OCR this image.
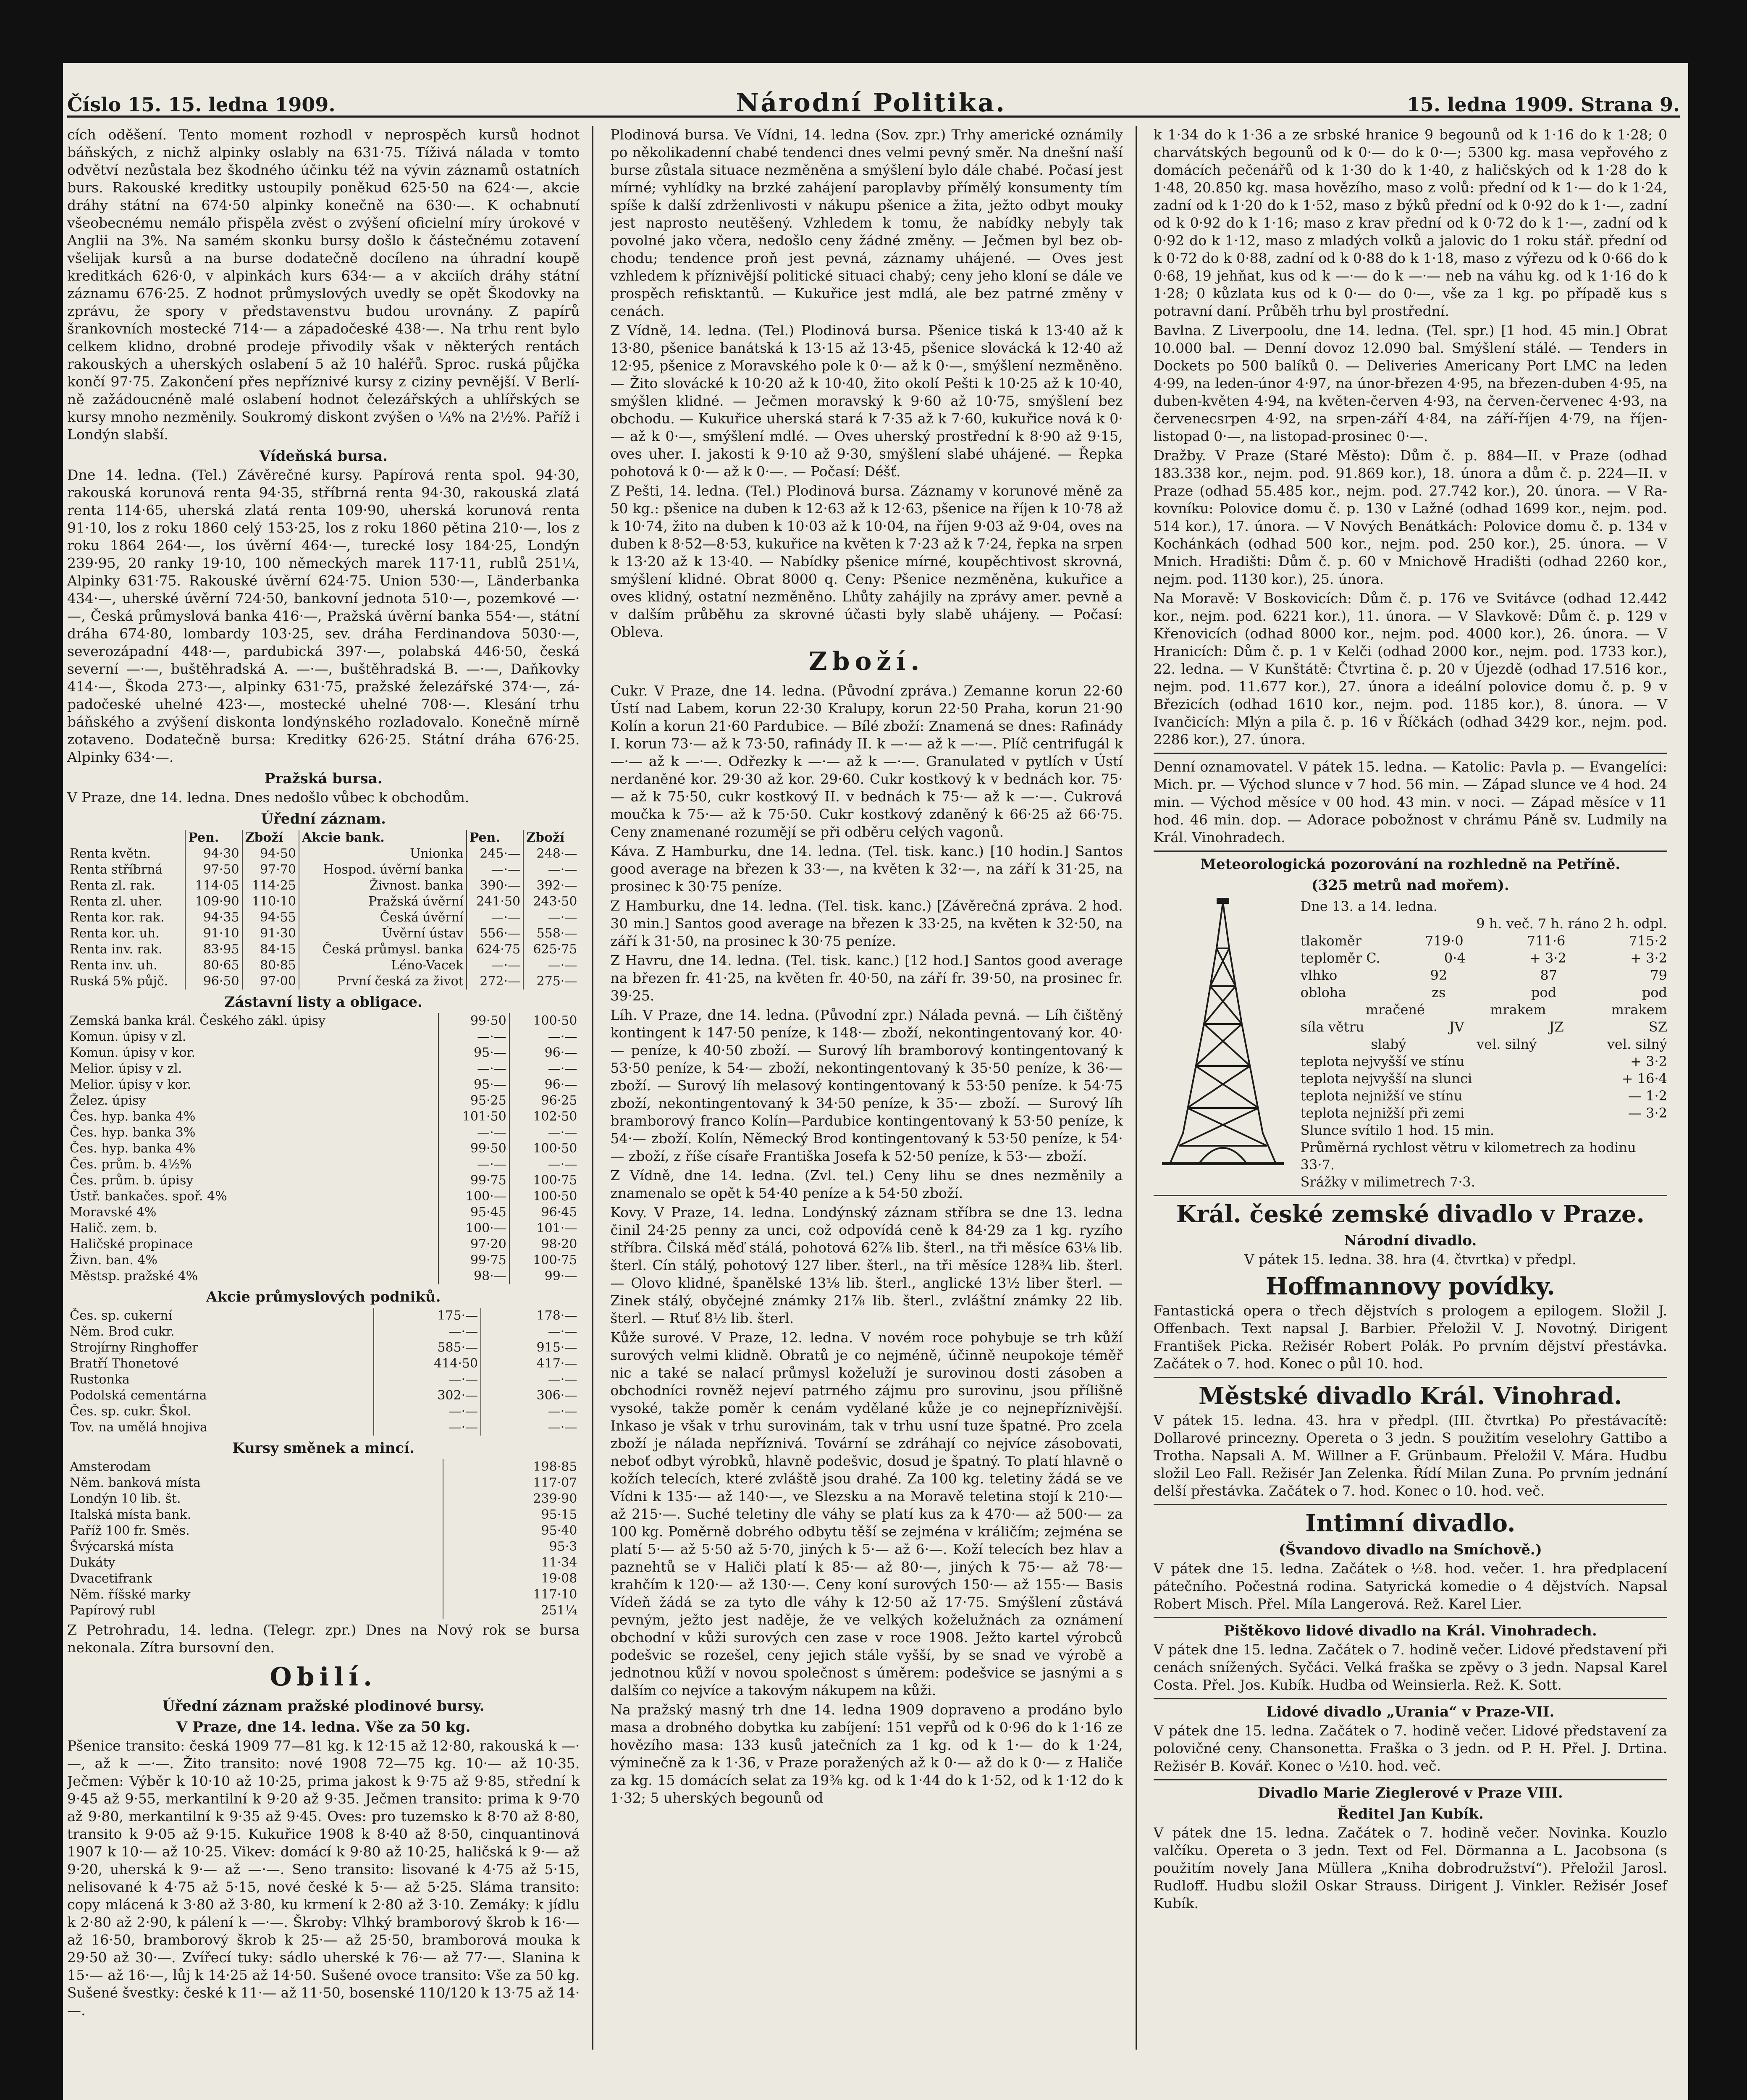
Číslo 15. 15. ledna 1909.	Národní Politika.	15. ledna 1909. Strana 9.

cích oděšení. Tento moment rozhodl v neprospěch kursů hodnot báňských, z nichž alpinky oslably na 631·75. Tíživá nálada v tomto odvětví nezůstala bez škodného účinku též na vývin záznamů ostatních burs. Rakouské kreditky ustoupily poněkud 625·50 na 624·—, akcie dráhy státní na 674·50 alpinky konečně na 630·—. K ochabnutí všeobecnému nemálo přispěla zvěst o zvýšení oficielní míry úrokové v Anglii na 3%. Na samém skonku bursy došlo k částečnému zotavení všelijak kursů a na burse dodatečně docíleno na úhradní koupě kreditkách 626·0, v alpinkách kurs 634·— a v akciích dráhy státní záznamu 676·25. Z hodnot průmyslových uvedly se opět Škodovky na zprávu, že spory v představenstvu budou urovnány. Z papírů šrankovních mostecké 714·— a západočeské 438·—. Na trhu rent bylo celkem klidno, drobné prodeje přivodily však v některých rentách rakouských a uherských oslabení 5 až 10 haléřů. Sproc. ruská půjčka končí 97·75. Zakončení přes nepříznivé kursy z ciziny pevnější. V Berlíně zažádoucnéně malé oslabení hodnot čelezářských a uhlířských se kursy mnoho nezměnily. Soukromý diskont zvýšen o ¼% na 2½%. Paříž i Londýn slabší.

Vídeňská bursa.

Dne 14. ledna. (Tel.) Závěrečné kursy. Papírová renta spol. 94·30, rakouská korunová renta 94·35, stříbrná renta 94·30, rakouská zlatá renta 114·65, uherská zlatá renta 109·90, uherská korunová renta 91·10, los z roku 1860 celý 153·25, los z roku 1860 pětina 210·—, los z roku 1864 264·—, los úvěrní 464·—, turecké losy 184·25, Londýn 239·95, 20 ranky 19·10, 100 německých marek 117·11, rublů 251¼, Alpinky 631·75. Rakouské úvěrní 624·75. Union 530·—, Länderbanka 434·—, uherské úvěrní 724·50, bankovní jednota 510·—, pozemkové —·—, Česká průmyslová banka 416·—, Pražská úvěrní banka 554·—, státní dráha 674·80, lombardy 103·25, sev. dráha Ferdinandova 5030·—, severozápadní 448·—, pardubická 397·—, polabská 446·50, česká severní —·—, buštěhradská A. —·—, buštěhradská B. —·—, Daňkovky 414·—, Škoda 273·—, alpinky 631·75, pražské železářské 374·—, západočeské uhelné 423·—, mostecké uhelné 708·—. Klesání trhu báňského a zvýšení diskonta londýnského rozladovalo. Konečně mírně zotaveno. Dodatečně bursa: Kreditky 626·25. Státní dráha 676·25. Alpinky 634·—.

Pražská bursa.

V Praze, dne 14. ledna. Dnes nedošlo vůbec k obchodům.

Úřední záznam.
	Pen.	Zboží	Akcie bank.	Pen.	Zboží
Renta květn.	94·30	94·50	Unionka	245·—	248·—
Renta stříbrná	97·50	97·70	Hospod. úvěrní banka	—·—	—·—
Renta zl. rak.	114·05	114·25	Živnost. banka	390·—	392·—
Renta zl. uher.	109·90	110·10	Pražská úvěrní	241·50	243·50
Renta kor. rak.	94·35	94·55	Česká úvěrní	—·—	—·—
Renta kor. uh.	91·10	91·30	Úvěrní ústav	556·—	558·—
Renta inv. rak.	83·95	84·15	Česká průmysl. banka	624·75	625·75
Renta inv. uh.	80·65	80·85	Léno-Vacek	—·—	—·—
Ruská 5% půjč.	96·50	97·00	První česká za život	272·—	275·—
Zástavní listy a obligace.
Zemská banka král. Českého zákl. úpisy	99·50	100·50
Komun. úpisy v zl.	—·—	—·—
Komun. úpisy v kor.	95·—	96·—
Melior. úpisy v zl.	—·—	—·—
Melior. úpisy v kor.	95·—	96·—
Želez. úpisy	95·25	96·25
Čes. hyp. banka 4%	101·50	102·50
Čes. hyp. banka 3%	—·—	—·—
Čes. hyp. banka 4%	99·50	100·50
Čes. prům. b. 4½%	—·—	—·—
Čes. prům. b. úpisy	99·75	100·75
Ústř. bankačes. spoř. 4%	100·—	100·50
Moravské 4%	95·45	96·45
Halič. zem. b.	100·—	101·—
Haličské propinace	97·20	98·20
Živn. ban. 4%	99·75	100·75
Městsp. pražské 4%	98·—	99·—
Akcie průmyslových podniků.
Čes. sp. cukerní	175·—	178·—
Něm. Brod cukr.	—·—	—·—
Strojírny Ringhoffer	585·—	915·—
Bratří Thonetové	414·50	417·—
Rustonka	—·—	—·—
Podolská cementárna	302·—	306·—
Čes. sp. cukr. Škol.	—·—	—·—
Tov. na umělá hnojiva	—·—	—·—
Kursy směnek a mincí.
Amsterodam	198·85
Něm. banková místa	117·07
Londýn 10 lib. št.	239·90
Italská místa bank.	95·15
Paříž 100 fr. Směs.	95·40
Švýcarská místa	95·3
Dukáty	11·34
Dvacetifrank	19·08
Něm. říšské marky	117·10
Papírový rubl	251¼

Z Petrohradu, 14. ledna. (Telegr. zpr.) Dnes na Nový rok se bursa nekonala. Zítra bursovní den.

Obilí.
Úřední záznam pražské plodinové bursy.
V Praze, dne 14. ledna. Vše za 50 kg.

Pšenice transito: česká 1909 77—81 kg. k 12·15 až 12·80, rakouská k —·—, až k —·—. Žito transito: nové 1908 72—75 kg. 10·— až 10·35. Ječmen: Výběr k 10·10 až 10·25, prima jakost k 9·75 až 9·85, střední k 9·45 až 9·55, merkantilní k 9·20 až 9·35. Ječmen transito: prima k 9·70 až 9·80, merkantilní k 9·35 až 9·45. Oves: pro tuzemsko k 8·70 až 8·80, transito k 9·05 až 9·15. Kukuřice 1908 k 8·40 až 8·50, cinquantinová 1907 k 10·— až 10·25. Vikev: domácí k 9·80 až 10·25, haličská k 9·— až 9·20, uherská k 9·— až —·—. Seno transito: lisované k 4·75 až 5·15, nelisované k 4·75 až 5·15, nové české k 5·— až 5·25. Sláma transito: copy mlácená k 3·80 až 3·80, ku krmení k 2·80 až 3·10. Zemáky: k jídlu k 2·80 až 2·90, k pálení k —·—. Škroby: Vlhký bramborový škrob k 16·— až 16·50, bramborový škrob k 25·— až 25·50, bramborová mouka k 29·50 až 30·—. Zvířecí tuky: sádlo uherské k 76·— až 77·—. Slanina k 15·— až 16·—, lůj k 14·25 až 14·50. Sušené ovoce transito: Vše za 50 kg. Sušené švestky: české k 11·— až 11·50, bosenské 110/120 k 13·75 až 14·—.

Plodinová bursa. Ve Vídni, 14. ledna (Sov. zpr.) Trhy americké oznámily po několikadenní chabé tendenci dnes velmi pevný směr. Na dnešní naší burse zůstala situace nezměněna a smýšlení bylo dále chabé. Počasí jest mírné; vyhlídky na brzké zahájení paroplavby přímělý konsumenty tím spíše k další zdrženlivosti v nákupu pšenice a žita, ježto odbyt mouky jest naprosto neutěšený. Vzhledem k tomu, že nabídky nebyly tak povolné jako včera, nedošlo ceny žádné změny. — Ječmen byl bez obchodu; tendence proň jest pevná, záznamy uhájené. — Oves jest vzhledem k příznivější politické situaci chabý; ceny jeho kloní se dále ve prospěch refisktantů. — Kukuřice jest mdlá, ale bez patrné změny v cenách.

Z Vídně, 14. ledna. (Tel.) Plodinová bursa. Pšenice tiská k 13·40 až k 13·80, pšenice banátská k 13·15 až 13·45, pšenice slovácká k 12·40 až 12·95, pšenice z Moravského pole k 0·— až k 0·—, smýšlení nezměněno. — Žito slovácké k 10·20 až k 10·40, žito okolí Pešti k 10·25 až k 10·40, smýšlen klidné. — Ječmen moravský k 9·60 až 10·75, smýšlení bez obchodu. — Kukuřice uherská stará k 7·35 až k 7·60, kukuřice nová k 0·— až k 0·—, smýšlení mdlé. — Oves uherský prostřední k 8·90 až 9·15, oves uher. I. jakosti k 9·10 až 9·30, smýšlení slabé uhájené. — Řepka pohotová k 0·— až k 0·—. — Počasí: Déšť.

Z Pešti, 14. ledna. (Tel.) Plodinová bursa. Záznamy v korunové měně za 50 kg.: pšenice na duben k 12·63 až k 12·63, pšenice na říjen k 10·78 až k 10·74, žito na duben k 10·03 až k 10·04, na říjen 9·03 až 9·04, oves na duben k 8·52—8·53, kukuřice na květen k 7·23 až k 7·24, řepka na srpen k 13·20 až k 13·40. — Nabídky pšenice mírné, koupěchtivost skrovná, smýšlení klidné. Obrat 8000 q. Ceny: Pšenice nezměněna, kukuřice a oves klidný, ostatní nezměněno. Lhůty zahájily na zprávy amer. pevně a v dalším průběhu za skrovné účasti byly slabě uhájeny. — Počasí: Obleva.

Zboží.

Cukr. V Praze, dne 14. ledna. (Původní zpráva.) Zemanne korun 22·60 Ústí nad Labem, korun 22·30 Kralupy, korun 22·50 Praha, korun 21·90 Kolín a korun 21·60 Pardubice. — Bílé zboží: Znamená se dnes: Rafinády I. korun 73·— až k 73·50, rafinády II. k —·— až k —·—. Plíč centrifugál k —·— až k —·—. Odřezky k —·— až k —·—. Granulated v pytlích v Ústí nerdaněné kor. 29·30 až kor. 29·60. Cukr kostkový k v bednách kor. 75·— až k 75·50, cukr kostkový II. v bednách k 75·— až k —·—. Cukrová moučka k 75·— až k 75·50. Cukr kostkový zdaněný k 66·25 až 66·75. Ceny znamenané rozumějí se při odběru celých vagonů.

Káva. Z Hamburku, dne 14. ledna. (Tel. tisk. kanc.) [10 hodin.] Santos good average na březen k 33·—, na květen k 32·—, na září k 31·25, na prosinec k 30·75 peníze.

Z Hamburku, dne 14. ledna. (Tel. tisk. kanc.) [Závěrečná zpráva. 2 hod. 30 min.] Santos good average na březen k 33·25, na květen k 32·50, na září k 31·50, na prosinec k 30·75 peníze.

Z Havru, dne 14. ledna. (Tel. tisk. kanc.) [12 hod.] Santos good average na březen fr. 41·25, na květen fr. 40·50, na září fr. 39·50, na prosinec fr. 39·25.

Líh. V Praze, dne 14. ledna. (Původní zpr.) Nálada pevná. — Líh čištěný kontingent k 147·50 peníze, k 148·— zboží, nekontingentovaný kor. 40·— peníze, k 40·50 zboží. — Surový líh bramborový kontingentovaný k 53·50 peníze, k 54·— zboží, nekontingentovaný k 35·50 peníze, k 36·— zboží. — Surový líh melasový kontingentovaný k 53·50 peníze. k 54·75 zboží, nekontingentovaný k 34·50 peníze, k 35·— zboží. — Surový líh bramborový franco Kolín—Pardubice kontingentovaný k 53·50 peníze, k 54·— zboží. Kolín, Německý Brod kontingentovaný k 53·50 peníze, k 54·— zboží, z říše císaře Františka Josefa k 52·50 peníze, k 53·— zboží.

Z Vídně, dne 14. ledna. (Zvl. tel.) Ceny lihu se dnes nezměnily a znamenalo se opět k 54·40 peníze a k 54·50 zboží.

Kovy. V Praze, 14. ledna. Londýnský záznam stříbra se dne 13. ledna činil 24·25 penny za unci, což odpovídá ceně k 84·29 za 1 kg. ryzího stříbra. Čilská měď stálá, pohotová 62⅞ lib. šterl., na tři měsíce 63⅛ lib. šterl. Cín stálý, pohotový 127 liber. šterl., na tři měsíce 128¾ lib. šterl. — Olovo klidné, španělské 13⅛ lib. šterl., anglické 13½ liber šterl. — Zinek stálý, obyčejné známky 21⅞ lib. šterl., zvláštní známky 22 lib. šterl. — Rtuť 8½ lib. šterl.

Kůže surové. V Praze, 12. ledna. V novém roce pohybuje se trh kůží surových velmi klidně. Obratů je co nejméně, účinně neupokoje téměř nic a také se nalací průmysl koželuží je surovinou dosti zásoben a obchodníci rovněž nejeví patrného zájmu pro surovinu, jsou přílišně vysoké, takže poměr k cenám vydělané kůže je co nejnepříznivější. Inkaso je však v trhu surovinám, tak v trhu usní tuze špatné. Pro zcela zboží je nálada nepříznivá. Tovární se zdráhají co nejvíce zásobovati, neboť odbyt výrobků, hlavně podešvic, dosud je špatný. To platí hlavně o kožích telecích, které zvláště jsou drahé. Za 100 kg. teletiny žádá se ve Vídni k 135·— až 140·—, ve Slezsku a na Moravě teletina stojí k 210·— až 215·—. Suché teletiny dle váhy se platí kus za k 470·— až 500·— za 100 kg. Poměrně dobrého odbytu těší se zejména v králičím; zejména se platí 5·— až 5·50 až 5·70, jiných k 5·— až 6·—. Koží telecích bez hlav a paznehtů se v Haliči platí k 85·— až 80·—, jiných k 75·— až 78·— krahčím k 120·— až 130·—. Ceny koní surových 150·— až 155·— Basis Vídeň žádá se za tyto dle váhy k 12·50 až 17·75. Smýšlení zůstává pevným, ježto jest naděje, že ve velkých koželužnách za oznámení obchodní v kůži surových cen zase v roce 1908. Ježto kartel výrobců podešvic se rozešel, ceny jejich stále vyšší, by se snad ve výrobě a jednotnou kůží v novou společnost s úměrem: podešvice se jasnými a s dalším co nejvíce a takovým nákupem na kůži.

Na pražský masný trh dne 14. ledna 1909 dopraveno a prodáno bylo masa a drobného dobytka ku zabíjení: 151 vepřů od k 0·96 do k 1·16 ze hovězího masa: 133 kusů jatečních za 1 kg. od k 1·— do k 1·24, výminečně za k 1·36, v Praze poražených až k 0·— až do k 0·— z Haliče za kg. 15 domácích selat za 19⅜ kg. od k 1·44 do k 1·52, od k 1·12 do k 1·32; 5 uherských begounů od

k 1·34 do k 1·36 a ze srbské hranice 9 begounů od k 1·16 do k 1·28; 0 charvátských begounů od k 0·— do k 0·—; 5300 kg. masa vepřového z domácích pečenářů od k 1·30 do k 1·40, z haličských od k 1·28 do k 1·48, 20.850 kg. masa hovězího, maso z volů: přední od k 1·— do k 1·24, zadní od k 1·20 do k 1·52, maso z býků přední od k 0·92 do k 1·—, zadní od k 0·92 do k 1·16; maso z krav přední od k 0·72 do k 1·—, zadní od k 0·92 do k 1·12, maso z mladých volků a jalovic do 1 roku stář. přední od k 0·72 do k 0·88, zadní od k 0·88 do k 1·18, maso z výřezu od k 0·66 do k 0·68, 19 jehňat, kus od k —·— do k —·— neb na váhu kg. od k 1·16 do k 1·28; 0 kůzlata kus od k 0·— do 0·—, vše za 1 kg. po případě kus s potravní daní. Průběh trhu byl prostřední.

Bavlna. Z Liverpoolu, dne 14. ledna. (Tel. spr.) [1 hod. 45 min.] Obrat 10.000 bal. — Denní dovoz 12.090 bal. Smýšlení stálé. — Tenders in Dockets po 500 balíků 0. — Deliveries Americany Port LMC na leden 4·99, na leden-únor 4·97, na únor-březen 4·95, na březen-duben 4·95, na duben-květen 4·94, na květen-červen 4·93, na červen-červenec 4·93, na červenecsrpen 4·92, na srpen-září 4·84, na září-říjen 4·79, na říjen-listopad 0·—, na listopad-prosinec 0·—.

Dražby. V Praze (Staré Město): Dům č. p. 884—II. v Praze (odhad 183.338 kor., nejm. pod. 91.869 kor.), 18. února a dům č. p. 224—II. v Praze (odhad 55.485 kor., nejm. pod. 27.742 kor.), 20. února. — V Rakovníku: Polovice domu č. p. 130 v Lažné (odhad 1699 kor., nejm. pod. 514 kor.), 17. února. — V Nových Benátkách: Polovice domu č. p. 134 v Kochánkách (odhad 500 kor., nejm. pod. 250 kor.), 25. února. — V Mnich. Hradišti: Dům č. p. 60 v Mnichově Hradišti (odhad 2260 kor., nejm. pod. 1130 kor.), 25. února.

Na Moravě: V Boskovicích: Dům č. p. 176 ve Svitávce (odhad 12.442 kor., nejm. pod. 6221 kor.), 11. února. — V Slavkově: Dům č. p. 129 v Křenovicích (odhad 8000 kor., nejm. pod. 4000 kor.), 26. února. — V Hranicích: Dům č. p. 1 v Kelči (odhad 2000 kor., nejm. pod. 1733 kor.), 22. ledna. — V Kunštátě: Čtvrtina č. p. 20 v Újezdě (odhad 17.516 kor., nejm. pod. 11.677 kor.), 27. února a ideální polovice domu č. p. 9 v Březicích (odhad 1610 kor., nejm. pod. 1185 kor.), 8. února. — V Ivančicích: Mlýn a pila č. p. 16 v Říčkách (odhad 3429 kor., nejm. pod. 2286 kor.), 27. února.

Denní oznamovatel. V pátek 15. ledna. — Katolic: Pavla p. — Evangelíci: Mich. pr. — Východ slunce v 7 hod. 56 min. — Západ slunce ve 4 hod. 24 min. — Východ měsíce v 00 hod. 43 min. v noci. — Západ měsíce v 11 hod. 46 min. dop. — Adorace pobožnost v chrámu Páně sv. Ludmily na Král. Vinohradech.

Meteorologická pozorování na rozhledně na Petříně.
(325 metrů nad mořem).
Dne 13. a 14. ledna.
9 h. več. 7 h. ráno 2 h. odpl.
tlakoměr	719·0	711·6	715·2
teploměr C.	0·4	+ 3·2	+ 3·2
vlhko	92	87	79
obloha	zs	pod	pod
mračené	mrakem	mrakem
síla větru	JV	JZ	SZ
slabý	vel. silný	vel. silný
teplota nejvyšší ve stínu	+ 3·2
teplota nejvyšší na slunci	+ 16·4
teplota nejnižší ve stínu	— 1·2
teplota nejnižší při zemi	— 3·2
Slunce svítilo 1 hod. 15 min.
Průměrná rychlost větru v kilometrech za hodinu 33·7.
Srážky v milimetrech 7·3.
Král. české zemské divadlo v Praze.
Národní divadlo.

V pátek 15. ledna. 38. hra (4. čtvrtka) v předpl.

Hoffmannovy povídky.

Fantastická opera o třech dějstvích s prologem a epilogem. Složil J. Offenbach. Text napsal J. Barbier. Přeložil V. J. Novotný. Dirigent František Picka. Režisér Robert Polák. Po prvním dějství přestávka. Začátek o 7. hod. Konec o půl 10. hod.

Městské divadlo Král. Vinohrad.

V pátek 15. ledna. 43. hra v předpl. (III. čtvrtka) Po přestávacítě: Dollarové princezny. Opereta o 3 jedn. S použitím veselohry Gattibo a Trotha. Napsali A. M. Willner a F. Grünbaum. Přeložil V. Mára. Hudbu složil Leo Fall. Režisér Jan Zelenka. Řídí Milan Zuna. Po prvním jednání delší přestávka. Začátek o 7. hod. Konec o 10. hod. več.

Intimní divadlo.
(Švandovo divadlo na Smíchově.)

V pátek dne 15. ledna. Začátek o ½8. hod. večer. 1. hra předplacení pátečního. Počestná rodina. Satyrická komedie o 4 dějstvích. Napsal Robert Misch. Přel. Míla Langerová. Rež. Karel Lier.

Pištěkovo lidové divadlo na Král. Vinohradech.

V pátek dne 15. ledna. Začátek o 7. hodině večer. Lidové představení při cenách snížených. Syčáci. Velká fraška se zpěvy o 3 jedn. Napsal Karel Costa. Přel. Jos. Kubík. Hudba od Weinsierla. Rež. K. Sott.

Lidové divadlo „Urania“ v Praze-VII.

V pátek dne 15. ledna. Začátek o 7. hodině večer. Lidové představení za polovičné ceny. Chansonetta. Fraška o 3 jedn. od P. H. Přel. J. Drtina. Režisér B. Kovář. Konec o ½10. hod. več.

Divadlo Marie Zieglerové v Praze VIII.
Ředitel Jan Kubík.

V pátek dne 15. ledna. Začátek o 7. hodině večer. Novinka. Kouzlo valčíku. Opereta o 3 jedn. Text od Fel. Dörmanna a L. Jacobsona (s použitím novely Jana Müllera „Kniha dobrodružství“). Přeložil Jarosl. Rudloff. Hudbu složil Oskar Strauss. Dirigent J. Vinkler. Režisér Josef Kubík.
